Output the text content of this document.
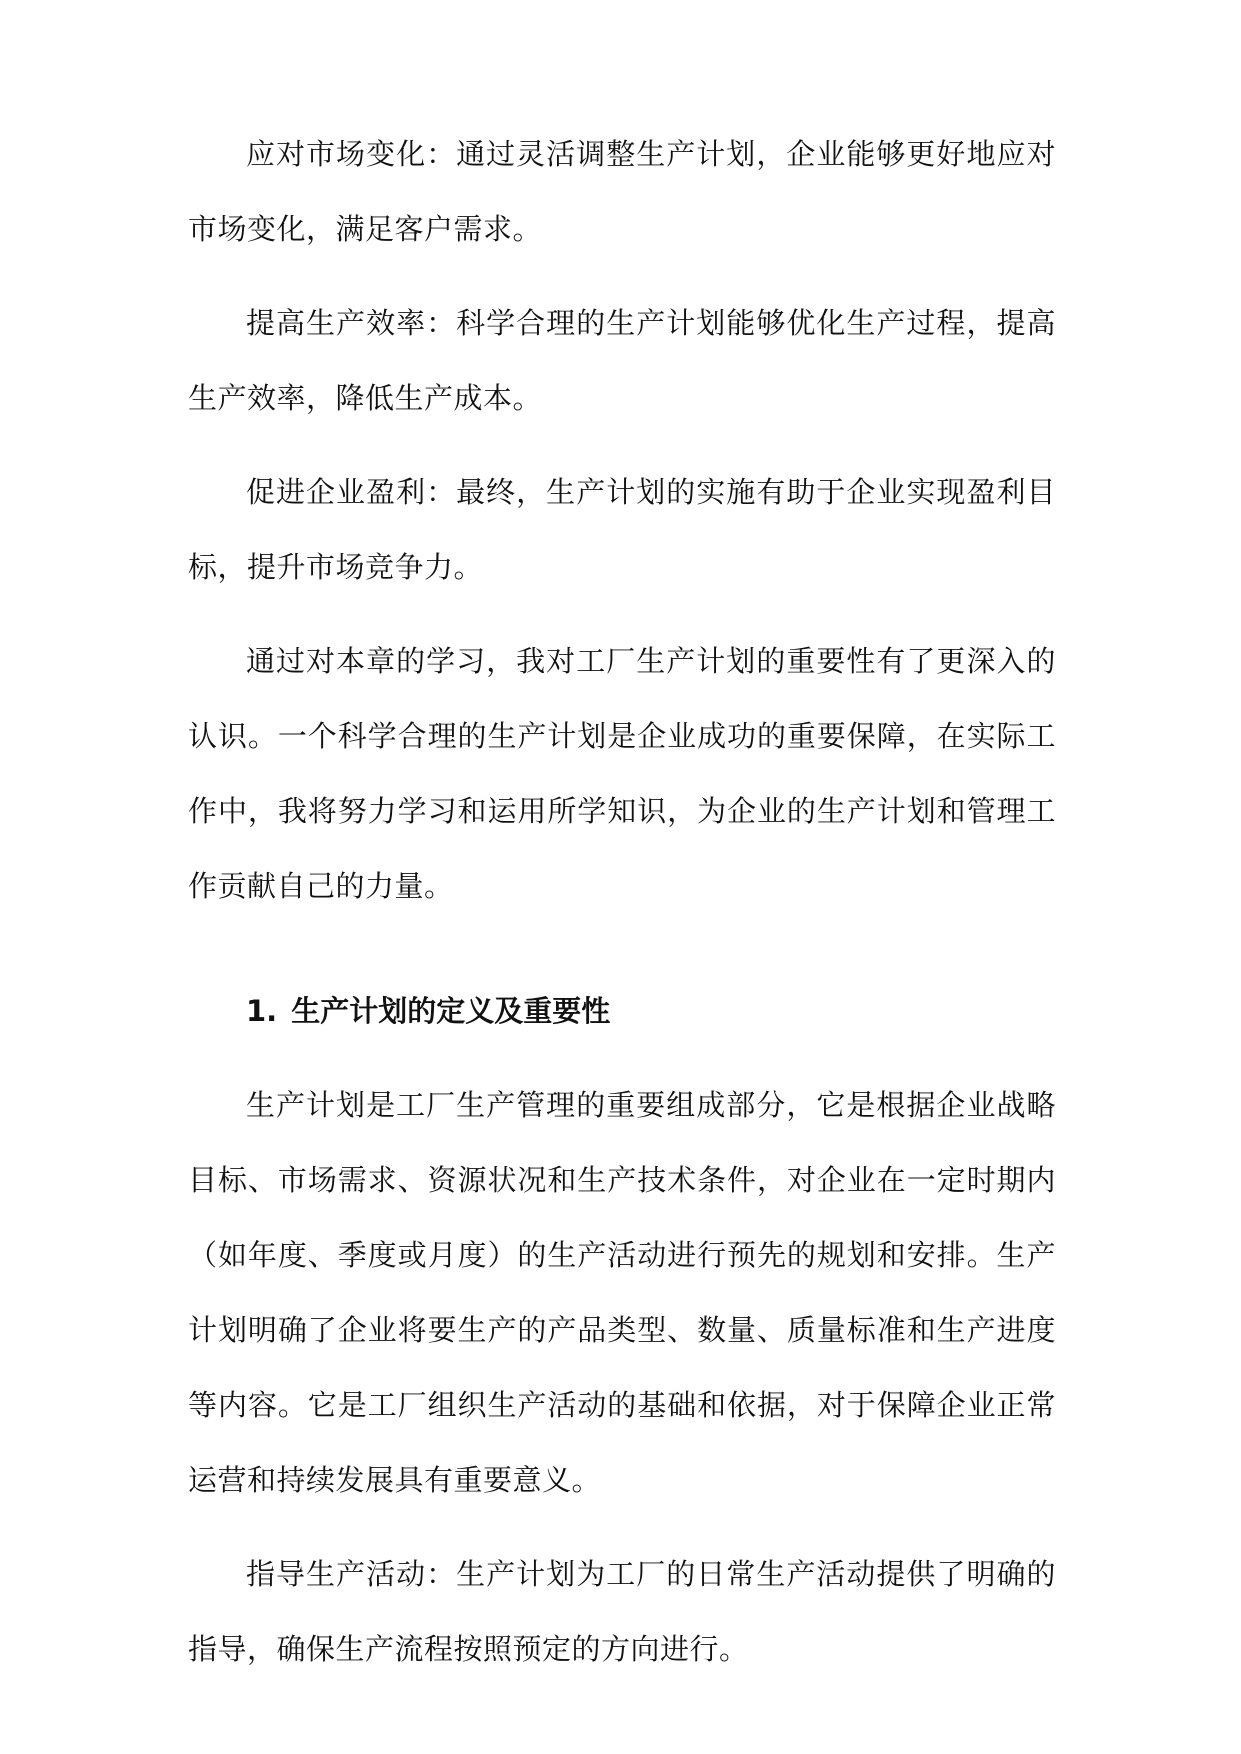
应对市场变化：通过灵活调整生产计划，企业能够更好地应对市场变化，满足客户需求。

提高生产效率：科学合理的生产计划能够优化生产过程，提高生产效率，降低生产成本。

促进企业盈利：最终，生产计划的实施有助于企业实现盈利目标，提升市场竞争力。

通过对本章的学习，我对工厂生产计划的重要性有了更深入的认识。一个科学合理的生产计划是企业成功的重要保障，在实际工作中，我将努力学习和运用所学知识，为企业的生产计划和管理工作贡献自己的力量。

1. 生产计划的定义及重要性

生产计划是工厂生产管理的重要组成部分，它是根据企业战略目标、市场需求、资源状况和生产技术条件，对企业在一定时期内（如年度、季度或月度）的生产活动进行预先的规划和安排。生产计划明确了企业将要生产的产品类型、数量、质量标准和生产进度等内容。它是工厂组织生产活动的基础和依据，对于保障企业正常运营和持续发展具有重要意义。

指导生产活动：生产计划为工厂的日常生产活动提供了明确的指导，确保生产流程按照预定的方向进行。
